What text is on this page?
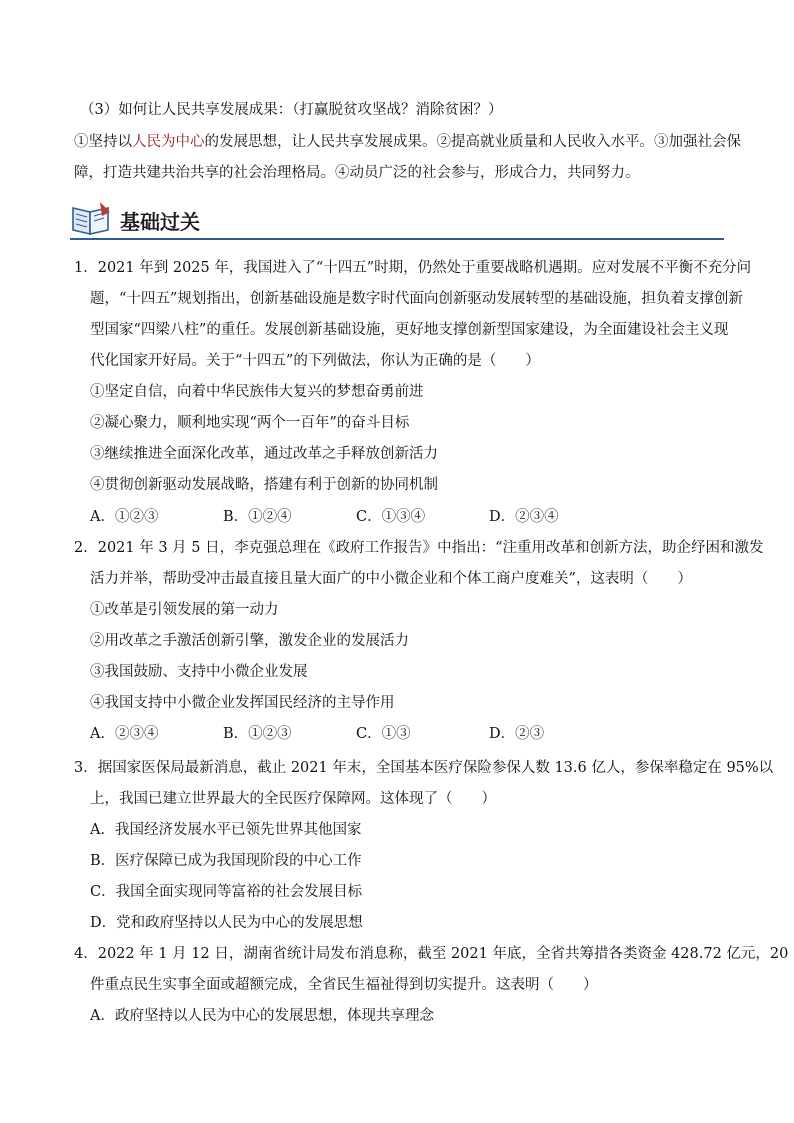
（3）如何让人民共享发展成果：（打赢脱贫攻坚战？消除贫困？）
①坚持以人民为中心的发展思想，让人民共享发展成果。②提高就业质量和人民收入水平。③加强社会保
障，打造共建共治共享的社会治理格局。④动员广泛的社会参与，形成合力，共同努力。
基础过关
1．2021 年到 2025 年，我国进入了“十四五”时期，仍然处于重要战略机遇期。应对发展不平衡不充分问
题，“十四五”规划指出，创新基础设施是数字时代面向创新驱动发展转型的基础设施，担负着支撑创新
型国家“四梁八柱”的重任。发展创新基础设施，更好地支撑创新型国家建设，为全面建设社会主义现
代化国家开好局。关于“十四五”的下列做法，你认为正确的是（　　）
①坚定自信，向着中华民族伟大复兴的梦想奋勇前进
②凝心聚力，顺利地实现“两个一百年”的奋斗目标
③继续推进全面深化改革，通过改革之手释放创新活力
④贯彻创新驱动发展战略，搭建有利于创新的协同机制
A．①②③	B．①②④	C．①③④	D．②③④
2．2021 年 3 月 5 日，李克强总理在《政府工作报告》中指出：“注重用改革和创新方法，助企纾困和激发
活力并举，帮助受冲击最直接且量大面广的中小微企业和个体工商户度难关”，这表明（　　）
①改革是引领发展的第一动力
②用改革之手激活创新引擎，激发企业的发展活力
③我国鼓励、支持中小微企业发展
④我国支持中小微企业发挥国民经济的主导作用
A．②③④	B．①②③	C．①③	D．②③
3．据国家医保局最新消息，截止 2021 年末，全国基本医疗保险参保人数 13.6 亿人，参保率稳定在 95%以
上，我国已建立世界最大的全民医疗保障网。这体现了（　　）
A．我国经济发展水平已领先世界其他国家
B．医疗保障已成为我国现阶段的中心工作
C．我国全面实现同等富裕的社会发展目标
D．党和政府坚持以人民为中心的发展思想
4．2022 年 1 月 12 日，湖南省统计局发布消息称，截至 2021 年底，全省共筹措各类资金 428.72 亿元，20
件重点民生实事全面或超额完成，全省民生福祉得到切实提升。这表明（　　）
A．政府坚持以人民为中心的发展思想，体现共享理念
